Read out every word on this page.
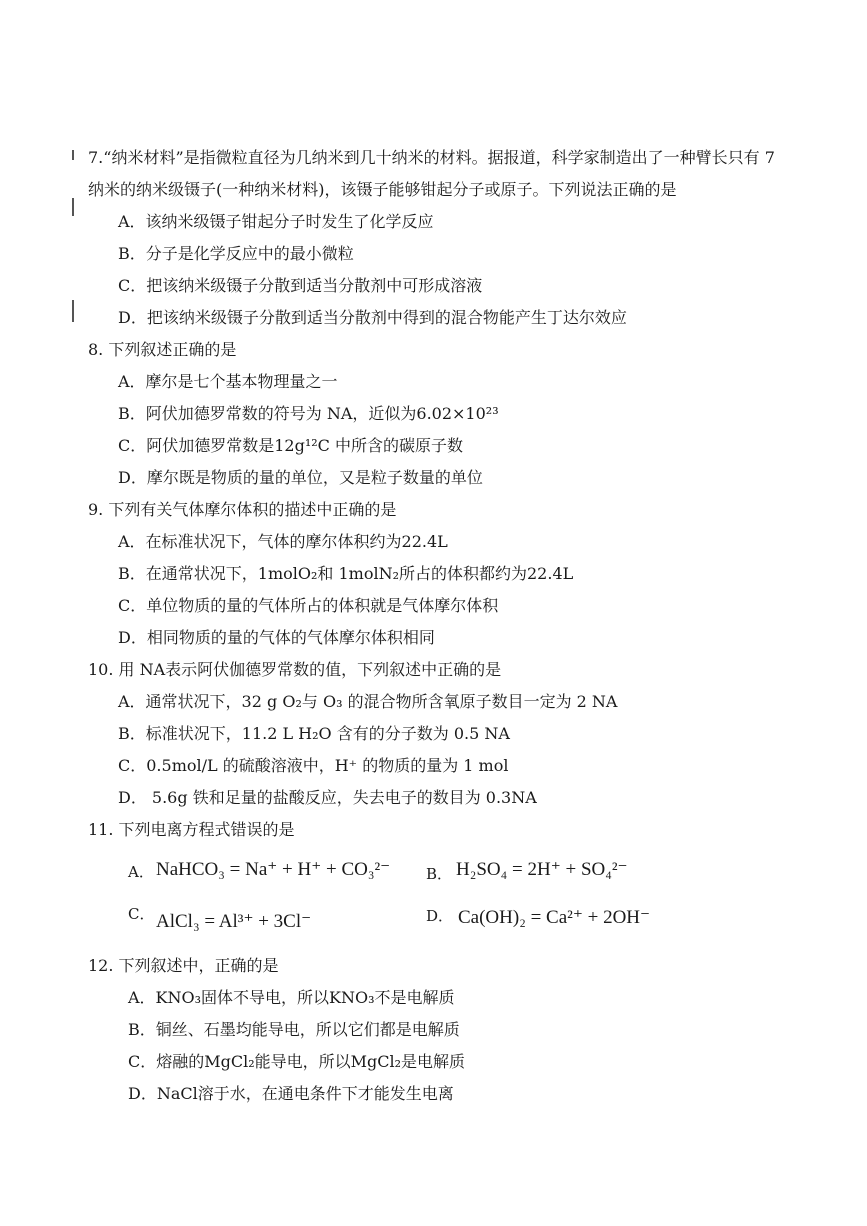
7.“纳米材料”是指微粒直径为几纳米到几十纳米的材料。据报道，科学家制造出了一种臂长只有 7
纳米的纳米级镊子(一种纳米材料)，该镊子能够钳起分子或原子。下列说法正确的是
A．该纳米级镊子钳起分子时发生了化学反应
B．分子是化学反应中的最小微粒
C．把该纳米级镊子分散到适当分散剂中可形成溶液
D．把该纳米级镊子分散到适当分散剂中得到的混合物能产生丁达尔效应
8. 下列叙述正确的是
A．摩尔是七个基本物理量之一
B．阿伏加德罗常数的符号为 NA，近似为6.02×10²³
C．阿伏加德罗常数是12g¹²C 中所含的碳原子数
D．摩尔既是物质的量的单位，又是粒子数量的单位
9. 下列有关气体摩尔体积的描述中正确的是
A．在标准状况下，气体的摩尔体积约为22.4L
B．在通常状况下，1molO₂和 1molN₂所占的体积都约为22.4L
C．单位物质的量的气体所占的体积就是气体摩尔体积
D．相同物质的量的气体的气体摩尔体积相同
10. 用 NA表示阿伏伽德罗常数的值，下列叙述中正确的是
A．通常状况下，32 g O₂与 O₃ 的混合物所含氧原子数目一定为 2 NA
B．标准状况下，11.2 L H₂O 含有的分子数为 0.5 NA
C．0.5mol/L 的硫酸溶液中，H⁺ 的物质的量为 1 mol
D． 5.6g 铁和足量的盐酸反应，失去电子的数目为 0.3NA
11. 下列电离方程式错误的是
A． NaHCO₃ = Na⁺ + H⁺ + CO₃²⁻ B． H₂SO₄ = 2H⁺ + SO₄²⁻
C． AlCl₃ = Al³⁺ + 3Cl⁻	D． Ca(OH)₂ = Ca²⁺ + 2OH⁻
12. 下列叙述中，正确的是
A．KNO₃固体不导电，所以KNO₃不是电解质
B．铜丝、石墨均能导电，所以它们都是电解质
C．熔融的MgCl₂能导电，所以MgCl₂是电解质
D．NaCl溶于水，在通电条件下才能发生电离
